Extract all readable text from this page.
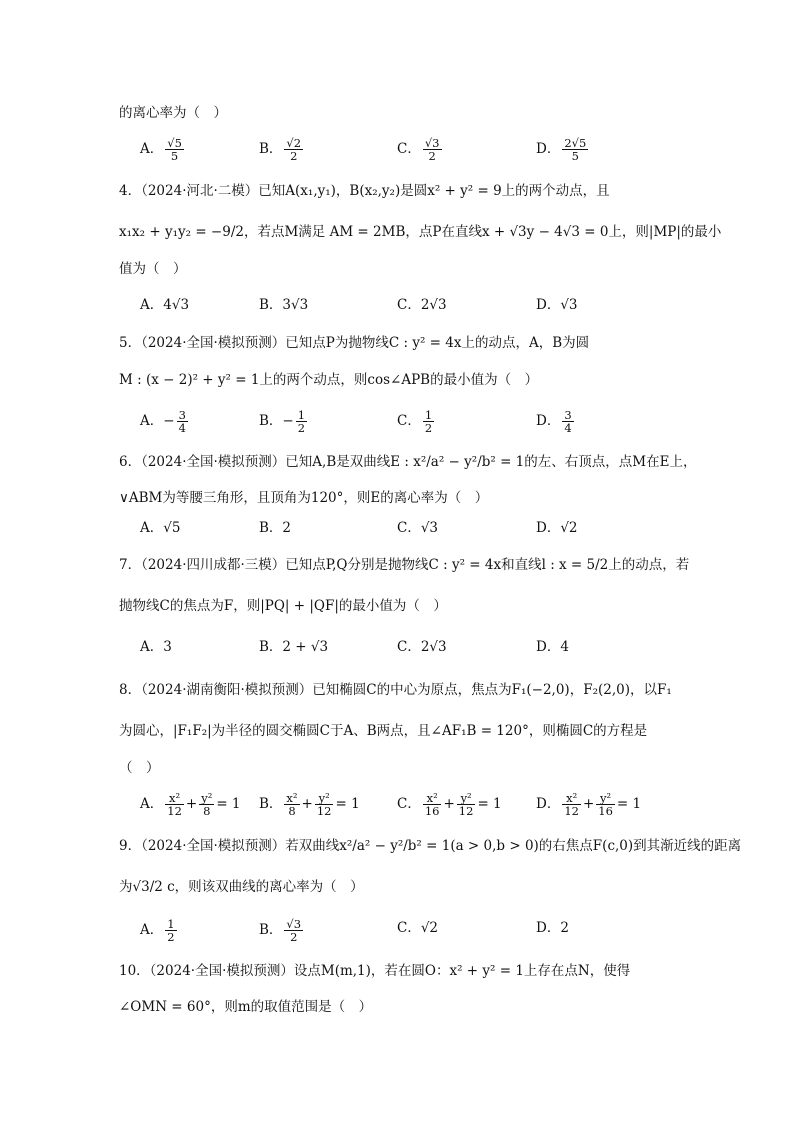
的离心率为（　）
A． $\frac{√5}{5}$	B． $\frac{√2}{2}$	C． $\frac{√3}{2}$	D． $\frac{2√5}{5}$
4．（2024·河北·二模）已知A(x₁,y₁)，B(x₂,y₂)是圆x² + y² = 9上的两个动点，且
x₁x₂ + y₁y₂ = −9/2，若点M满足 AM = 2MB，点P在直线x + √3y − 4√3 = 0上，则|MP|的最小
值为（　）
A．4√3	B．3√3	C．2√3	D．√3
5．（2024·全国·模拟预测）已知点P为抛物线C : y² = 4x上的动点，A，B为圆
M : (x − 2)² + y² = 1上的两个动点，则cos∠APB的最小值为（　）
A．− $\frac{3}{4}$	B．− $\frac{1}{2}$	C． $\frac{1}{2}$	D． $\frac{3}{4}$
6．（2024·全国·模拟预测）已知A,B是双曲线E : x²/a² − y²/b² = 1的左、右顶点，点M在E上，
∨ABM为等腰三角形，且顶角为120°，则E的离心率为（　）
A．√5	B．2	C．√3	D．√2
7．（2024·四川成都·三模）已知点P,Q分别是抛物线C : y² = 4x和直线l : x = 5/2上的动点，若
抛物线C的焦点为F，则|PQ| + |QF|的最小值为（　）
A．3	B．2 + √3	C．2√3	D．4
8．（2024·湖南衡阳·模拟预测）已知椭圆C的中心为原点，焦点为F₁(−2,0)，F₂(2,0)，以F₁
为圆心，|F₁F₂|为半径的圆交椭圆C于A、B两点，且∠AF₁B = 120°，则椭圆C的方程是
（　）
A． $\frac{\text{x²}}{12} + \frac{\text{y²}}{8} = 1$ B． $\frac{\text{x²}}{8} + \frac{\text{y²}}{12} = 1$	C． $\frac{\text{x²}}{16} + \frac{\text{y²}}{12} = 1$	D． $\frac{\text{x²}}{12} + \frac{\text{y²}}{16} = 1$
9．（2024·全国·模拟预测）若双曲线x²/a² − y²/b² = 1(a > 0,b > 0)的右焦点F(c,0)到其渐近线的距离
为√3/2 c，则该双曲线的离心率为（　）
A． $\frac{1}{2}$	B． $\frac{√3}{2}$	C．√2	D．2
10．（2024·全国·模拟预测）设点M(m,1)，若在圆O：x² + y² = 1上存在点N，使得
∠OMN = 60°，则m的取值范围是（　）
